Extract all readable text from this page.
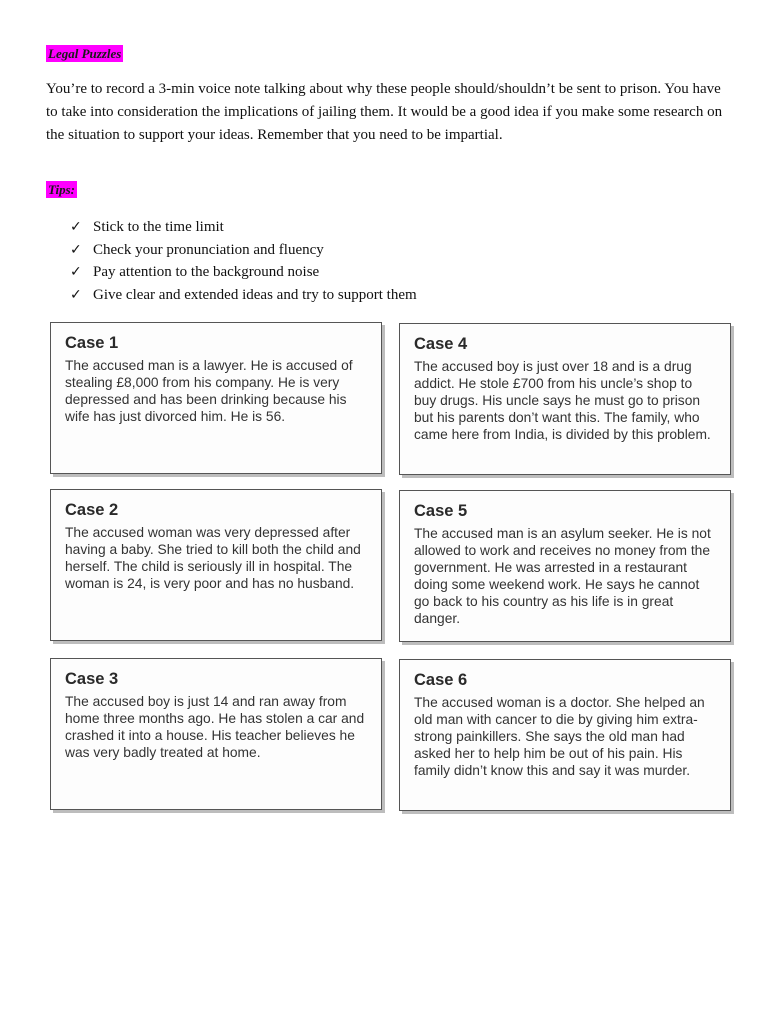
Legal Puzzles

You’re to record a 3-min voice note talking about why these people should/shouldn’t be sent to prison. You have to take into consideration the implications of jailing them. It would be a good idea if you make some research on the situation to support your ideas. Remember that you need to be impartial.

Tips:
✓ Stick to the time limit
✓ Check your pronunciation and fluency
✓ Pay attention to the background noise
✓ Give clear and extended ideas and try to support them
Case 1

The accused man is a lawyer. He is accused of stealing £8,000 from his company. He is very depressed and has been drinking because his wife has just divorced him. He is 56.

Case 2

The accused woman was very depressed after having a baby. She tried to kill both the child and herself. The child is seriously ill in hospital. The woman is 24, is very poor and has no husband.

Case 3

The accused boy is just 14 and ran away from home three months ago. He has stolen a car and crashed it into a house. His teacher believes he was very badly treated at home.

Case 4

The accused boy is just over 18 and is a drug addict. He stole £700 from his uncle’s shop to buy drugs. His uncle says he must go to prison but his parents don’t want this. The family, who came here from India, is divided by this problem.

Case 5

The accused man is an asylum seeker. He is not allowed to work and receives no money from the government. He was arrested in a restaurant doing some weekend work. He says he cannot go back to his country as his life is in great danger.

Case 6

The accused woman is a doctor. She helped an old man with cancer to die by giving him extra-strong painkillers. She says the old man had asked her to help him be out of his pain. His family didn’t know this and say it was murder.
